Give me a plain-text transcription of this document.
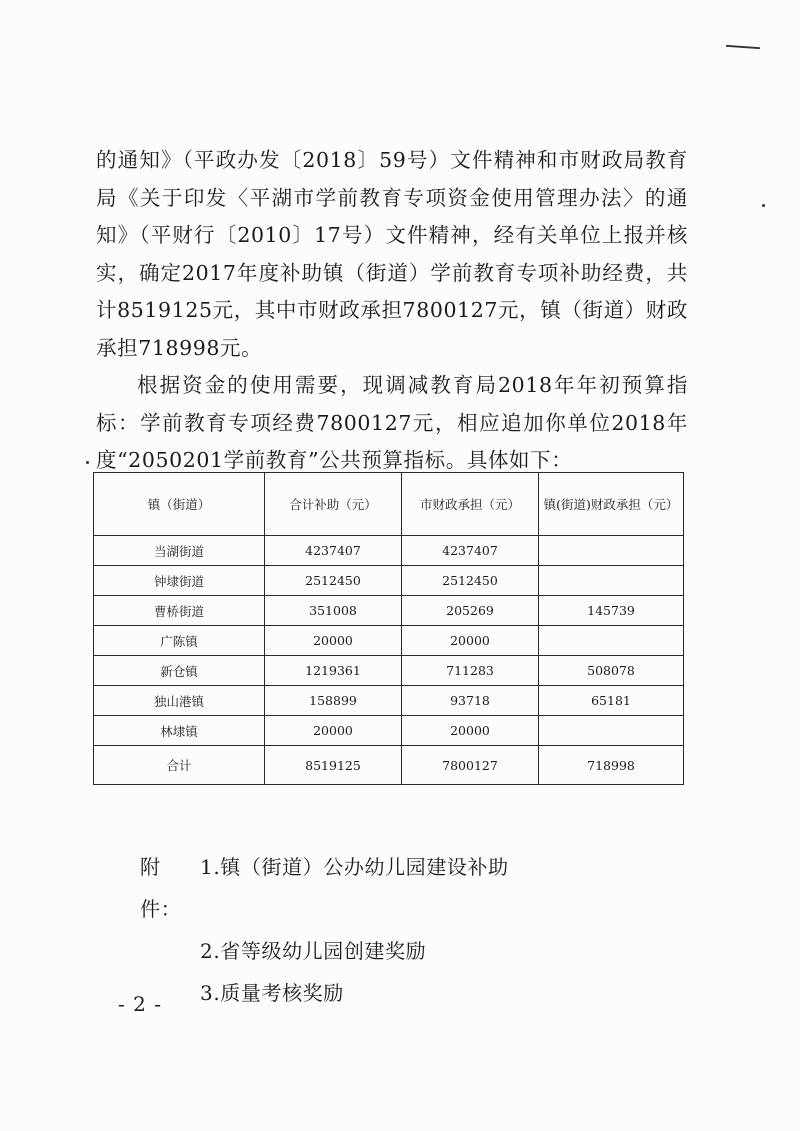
的通知》（平政办发〔2018〕59号）文件精神和市财政局教育局《关于印发〈平湖市学前教育专项资金使用管理办法〉的通知》（平财行〔2010〕17号）文件精神，经有关单位上报并核实，确定2017年度补助镇（街道）学前教育专项补助经费，共计8519125元，其中市财政承担7800127元，镇（街道）财政承担718998元。

根据资金的使用需要，现调减教育局2018年年初预算指标：学前教育专项经费7800127元，相应追加你单位2018年度“2050201学前教育”公共预算指标。具体如下：

镇（街道）	合计补助（元）	市财政承担（元）	镇(街道)财政承担（元）
当湖街道	4237407	4237407	
钟埭街道	2512450	2512450	
曹桥街道	351008	205269	145739
广陈镇	20000	20000	
新仓镇	1219361	711283	508078
独山港镇	158899	93718	65181
林埭镇	20000	20000	
合计	8519125	7800127	718998
附件：
1.镇（街道）公办幼儿园建设补助
2.省等级幼儿园创建奖励
3.质量考核奖励
- 2 -
